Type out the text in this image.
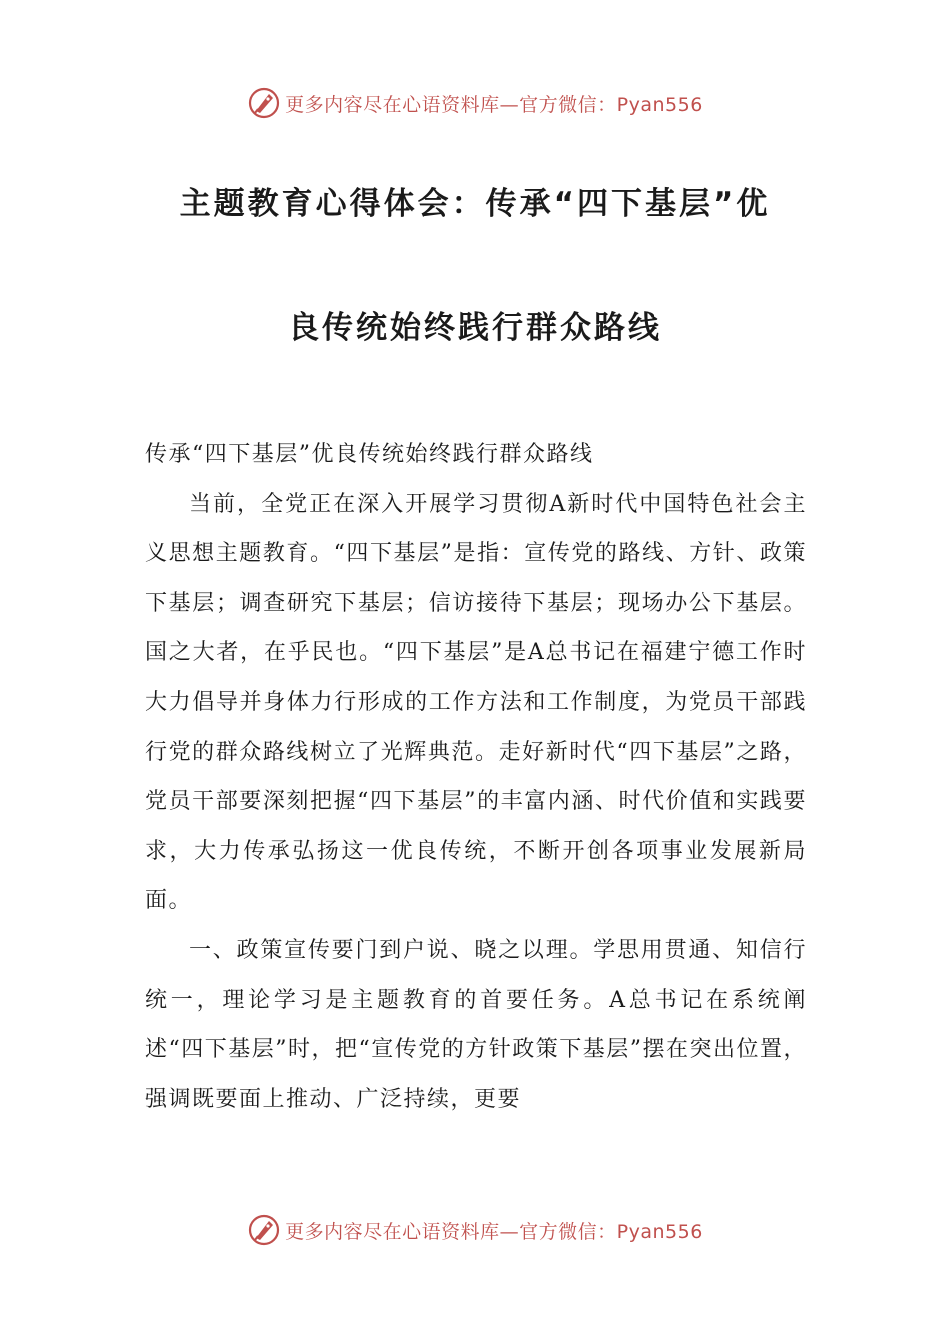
更多内容尽在心语资料库—官方微信：Pyan556
主题教育心得体会：传承“四下基层”优
良传统始终践行群众路线

传承“四下基层”优良传统始终践行群众路线

当前，全党正在深入开展学习贯彻A新时代中国特色社会主义思想主题教育。“四下基层”是指：宣传党的路线、方针、政策下基层；调查研究下基层；信访接待下基层；现场办公下基层。国之大者，在乎民也。“四下基层”是A总书记在福建宁德工作时大力倡导并身体力行形成的工作方法和工作制度，为党员干部践行党的群众路线树立了光辉典范。走好新时代“四下基层”之路，党员干部要深刻把握“四下基层”的丰富内涵、时代价值和实践要求，大力传承弘扬这一优良传统，不断开创各项事业发展新局面。

一、政策宣传要门到户说、晓之以理。学思用贯通、知信行统一，理论学习是主题教育的首要任务。A总书记在系统阐述“四下基层”时，把“宣传党的方针政策下基层”摆在突出位置，强调既要面上推动、广泛持续，更要

更多内容尽在心语资料库—官方微信：Pyan556
